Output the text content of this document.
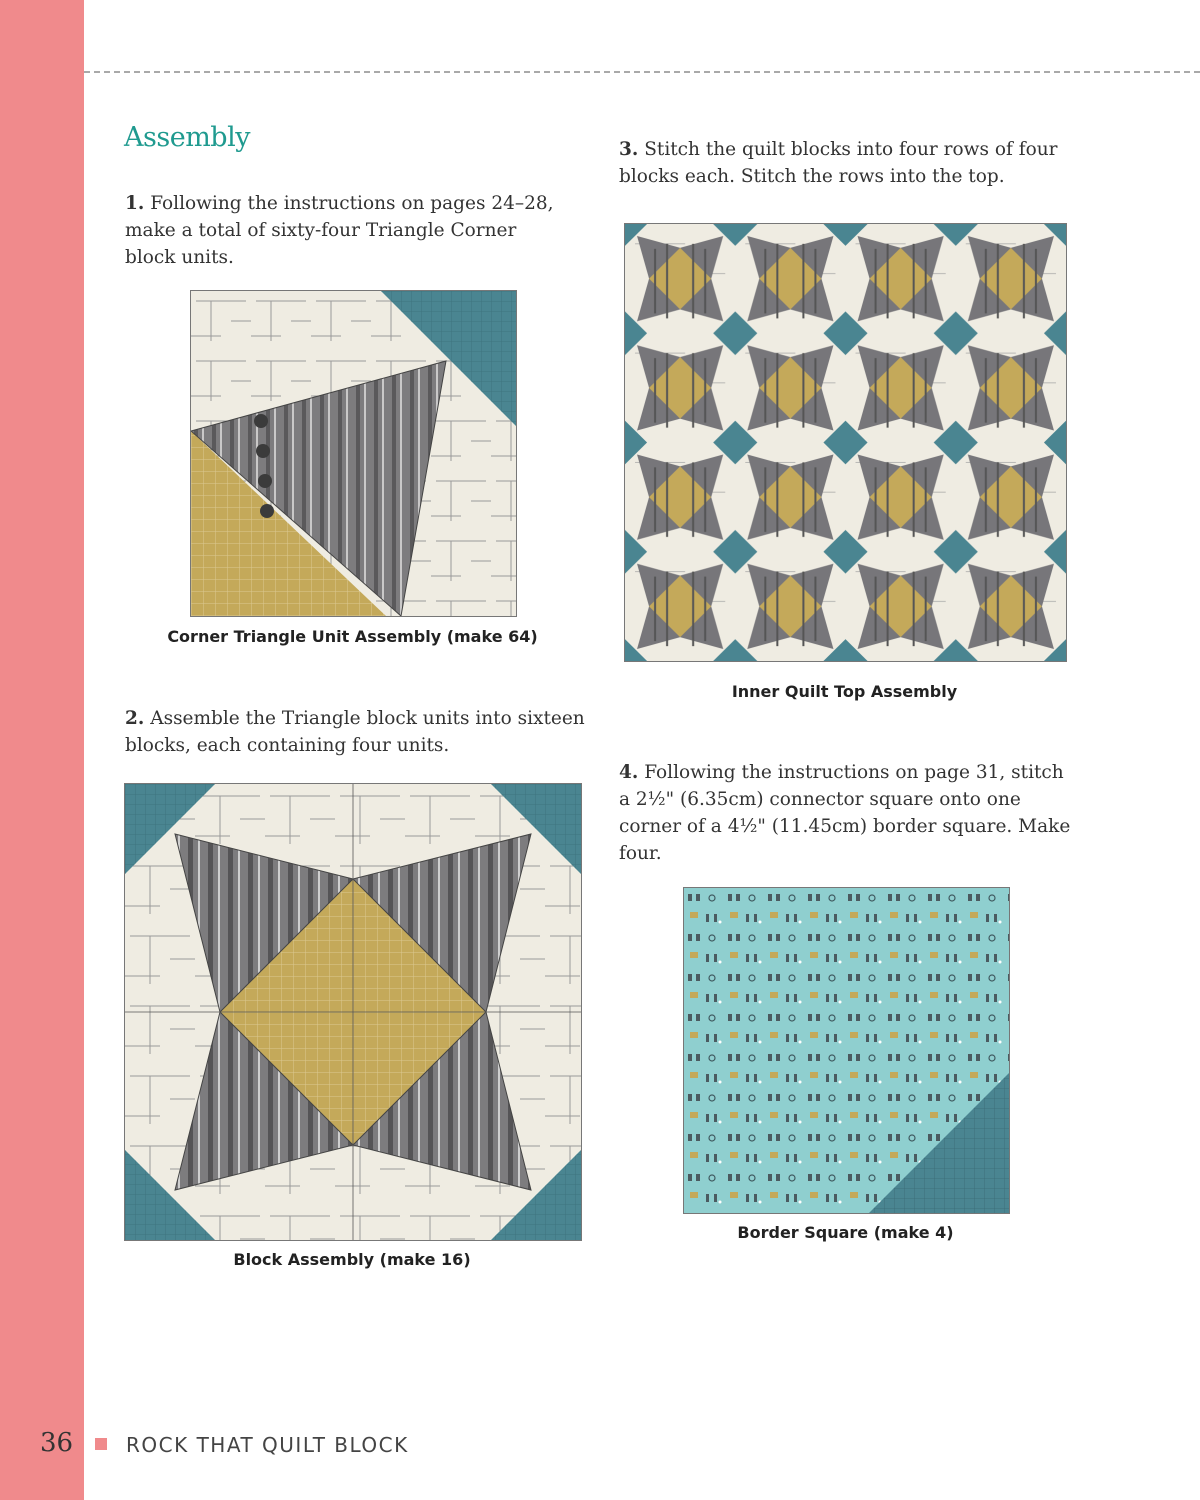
Assembly

1. Following the instructions on pages 24–28, make a total of sixty-four Triangle Corner block units.

Corner Triangle Unit Assembly (make 64)

2. Assemble the Triangle block units into sixteen blocks, each containing four units.

Block Assembly (make 16)

3. Stitch the quilt blocks into four rows of four blocks each. Stitch the rows into the top.

Inner Quilt Top Assembly

4. Following the instructions on page 31, stitch a 2½" (6.35cm) connector square onto one corner of a 4½" (11.45cm) border square. Make four.

Border Square (make 4)
36	ROCK THAT QUILT BLOCK
